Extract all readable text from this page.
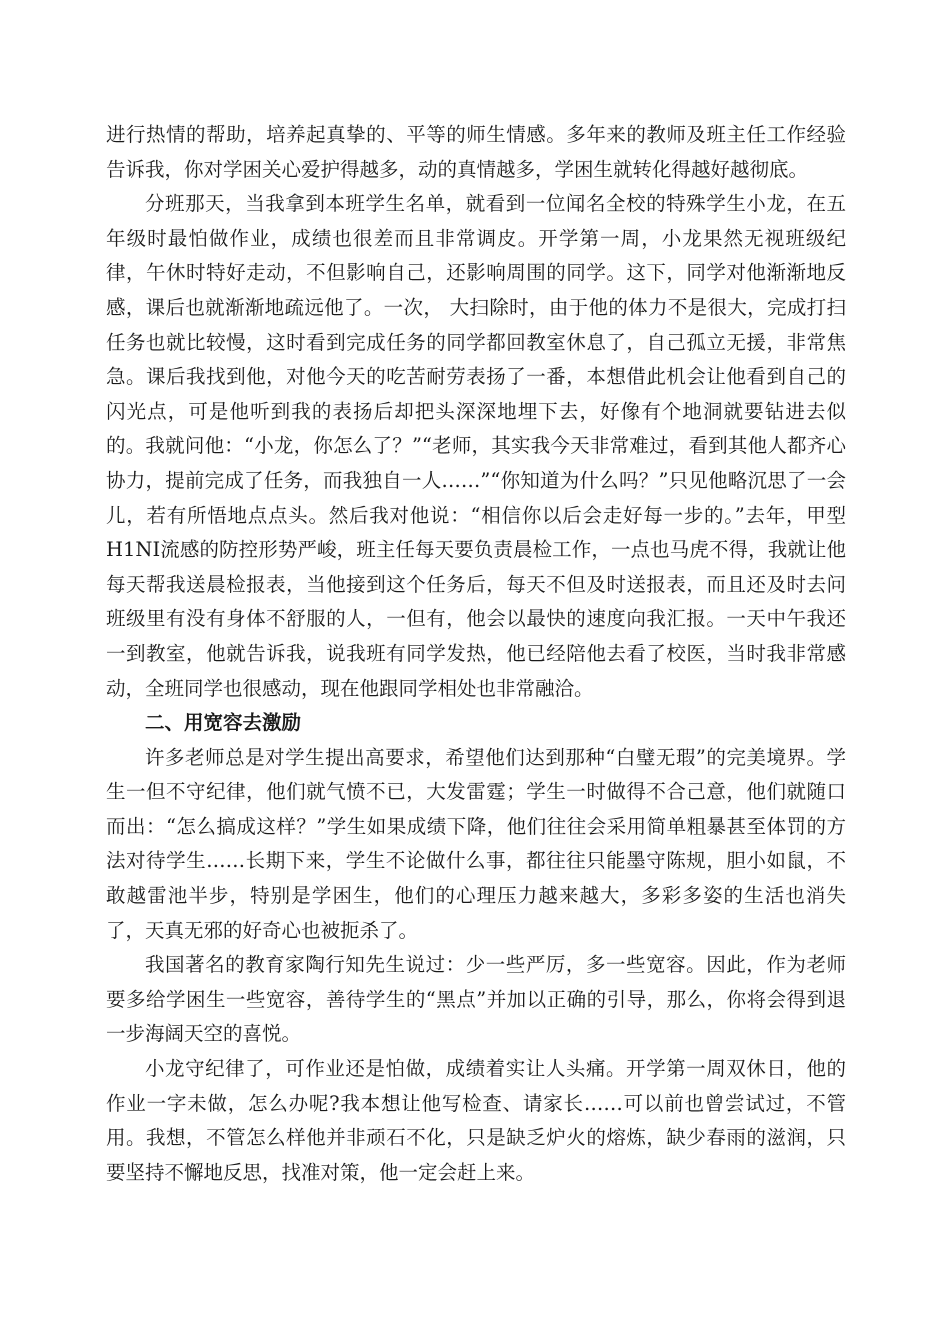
进行热情的帮助，培养起真挚的、平等的师生情感。多年来的教师及班主任工作经验告诉我，你对学困关心爱护得越多，动的真情越多，学困生就转化得越好越彻底。

分班那天，当我拿到本班学生名单，就看到一位闻名全校的特殊学生小龙，在五年级时最怕做作业，成绩也很差而且非常调皮。开学第一周，小龙果然无视班级纪律，午休时特好走动，不但影响自己，还影响周围的同学。这下，同学对他渐渐地反感，课后也就渐渐地疏远他了。一次， 大扫除时，由于他的体力不是很大，完成打扫任务也就比较慢，这时看到完成任务的同学都回教室休息了，自己孤立无援，非常焦急。课后我找到他，对他今天的吃苦耐劳表扬了一番，本想借此机会让他看到自己的闪光点，可是他听到我的表扬后却把头深深地埋下去，好像有个地洞就要钻进去似的。我就问他：“小龙，你怎么了？”“老师，其实我今天非常难过，看到其他人都齐心协力，提前完成了任务，而我独自一人……”“你知道为什么吗？”只见他略沉思了一会儿，若有所悟地点点头。然后我对他说：“相信你以后会走好每一步的。”去年，甲型H1NI流感的防控形势严峻，班主任每天要负责晨检工作，一点也马虎不得，我就让他每天帮我送晨检报表，当他接到这个任务后，每天不但及时送报表，而且还及时去问班级里有没有身体不舒服的人，一但有，他会以最快的速度向我汇报。一天中午我还一到教室，他就告诉我，说我班有同学发热，他已经陪他去看了校医，当时我非常感动，全班同学也很感动，现在他跟同学相处也非常融洽。

二、用宽容去激励

许多老师总是对学生提出高要求，希望他们达到那种“白璧无瑕”的完美境界。学生一但不守纪律，他们就气愤不已，大发雷霆；学生一时做得不合己意，他们就随口而出：“怎么搞成这样？”学生如果成绩下降，他们往往会采用简单粗暴甚至体罚的方法对待学生……长期下来，学生不论做什么事，都往往只能墨守陈规，胆小如鼠，不敢越雷池半步，特别是学困生，他们的心理压力越来越大，多彩多姿的生活也消失了，天真无邪的好奇心也被扼杀了。

我国著名的教育家陶行知先生说过：少一些严厉，多一些宽容。因此，作为老师要多给学困生一些宽容，善待学生的“黑点”并加以正确的引导，那么，你将会得到退一步海阔天空的喜悦。

小龙守纪律了，可作业还是怕做，成绩着实让人头痛。开学第一周双休日，他的作业一字未做，怎么办呢?我本想让他写检查、请家长……可以前也曾尝试过，不管用。我想，不管怎么样他并非顽石不化，只是缺乏炉火的熔炼，缺少春雨的滋润，只要坚持不懈地反思，找准对策，他一定会赶上来。
